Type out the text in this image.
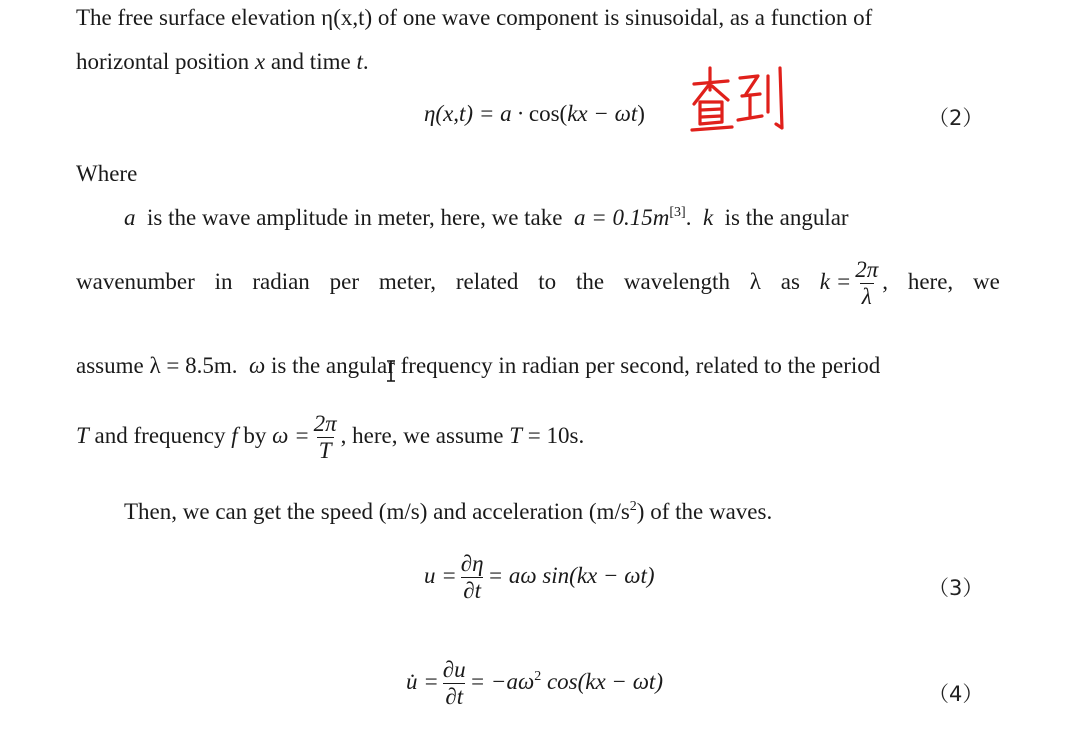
The free surface elevation η(x,t) of one wave component is sinusoidal, as a function of
horizontal position x and time t.
η(x,t) = a · cos(kx − ωt)	（2）
Where
a is the wave amplitude in meter, here, we take a = 0.15m[3]. k is the angular
wavenumber in radian per meter, related to the wavelength λ as $k = \frac{2\pi}{\lambda}$ , here, we
assume λ = 8.5m. ω is the angular frequency in radian per second, related to the period
T and frequency f by $\omega = \frac{2\pi}{T}$ , here, we assume T = 10s.
Then, we can get the speed (m/s) and acceleration $(m/s^2)$ of the waves.
$u = \frac{\partial\eta}{\partial t} = a\omega$ sin(kx − ωt)
（3）
u̇ = $\frac{\partial u}{\partial t} = -a\omega^2$ cos(kx − ωt)
（4）
